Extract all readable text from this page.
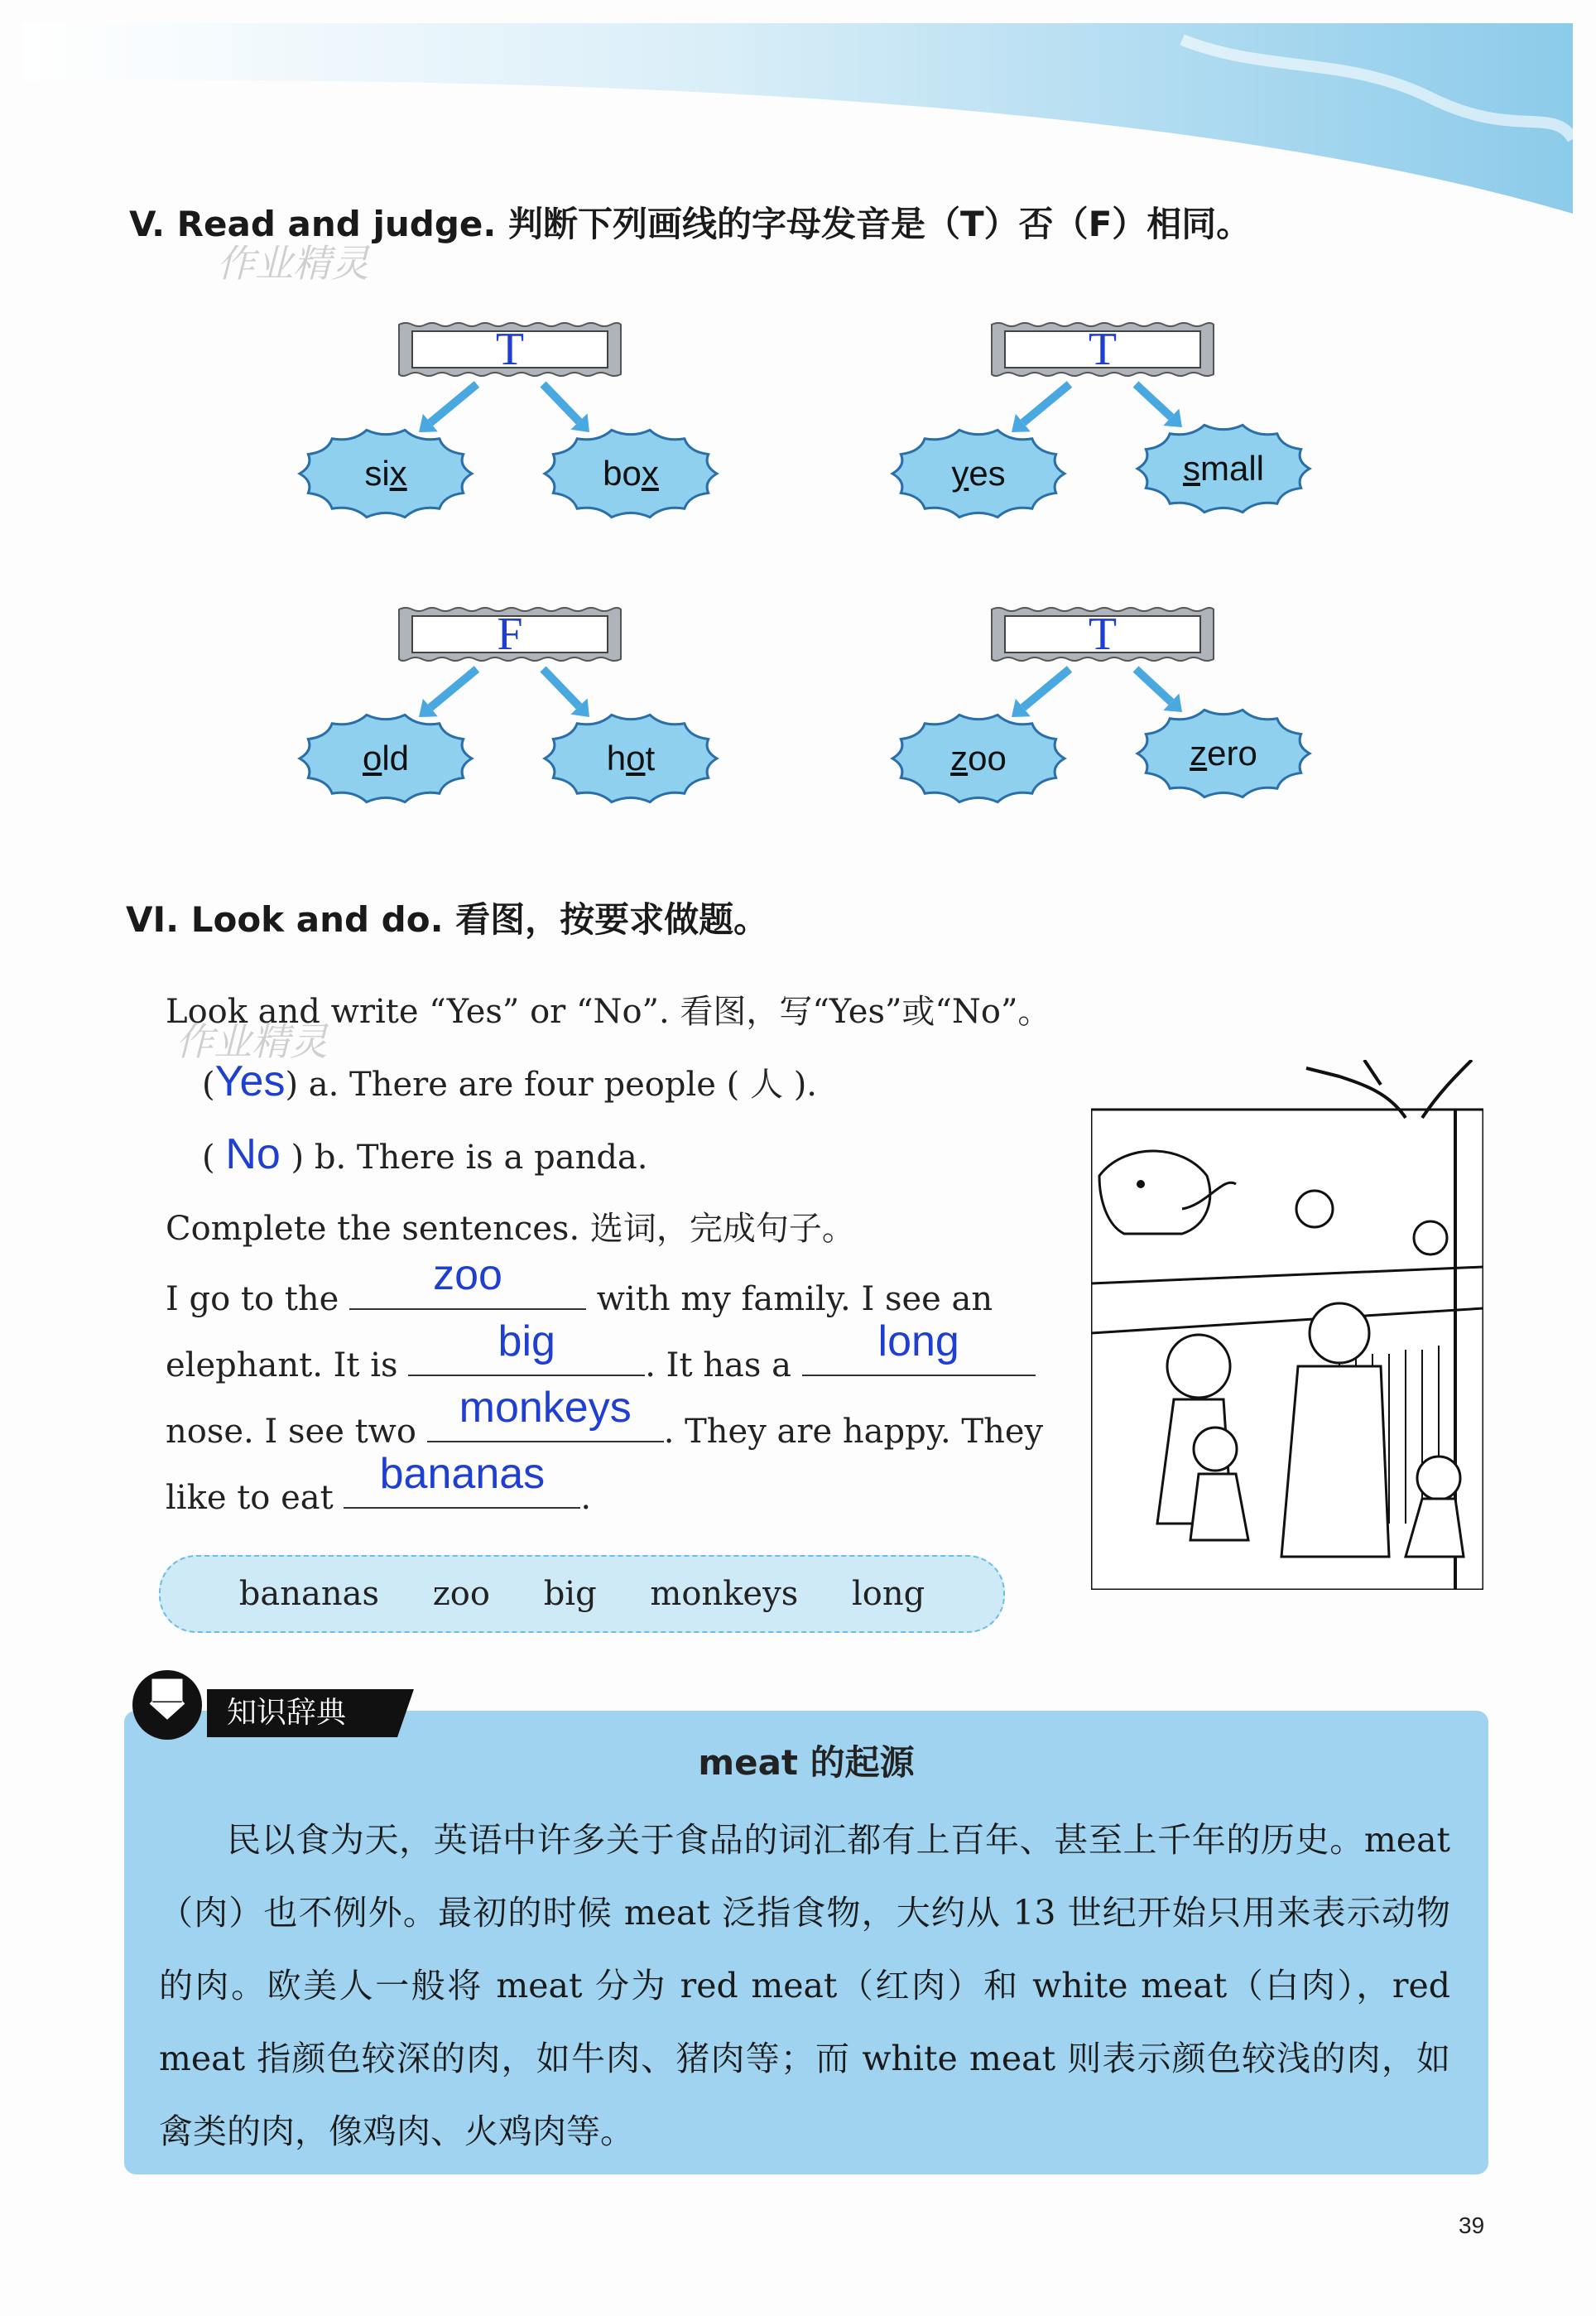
作业精灵
作业精灵
V. Read and judge. 判断下列画线的字母发音是（T）否（F）相同。
T
six	box
T
yes	small
F
old	hot
T
zoo	zero
VI. Look and do. 看图，按要求做题。
Look and write “Yes” or “No”. 看图，写“Yes”或“No”。
(Yes) a. There are four people ( 人 ).
( No ) b. There is a panda.
Complete the sentences. 选词，完成句子。
I go to the	zoo	with my family. I see an
elephant. It is	big	. It has a	long
nose. I see two monkeys . They are happy. They
like to eat	bananas	.
bananas zoo big monkeys long
知识辞典
meat 的起源

民以食为天，英语中许多关于食品的词汇都有上百年、甚至上千年的历史。meat（肉）也不例外。最初的时候 meat 泛指食物，大约从 13 世纪开始只用来表示动物的肉。欧美人一般将 meat 分为 red meat（红肉）和 white meat（白肉），red meat 指颜色较深的肉，如牛肉、猪肉等；而 white meat 则表示颜色较浅的肉，如禽类的肉，像鸡肉、火鸡肉等。

39
